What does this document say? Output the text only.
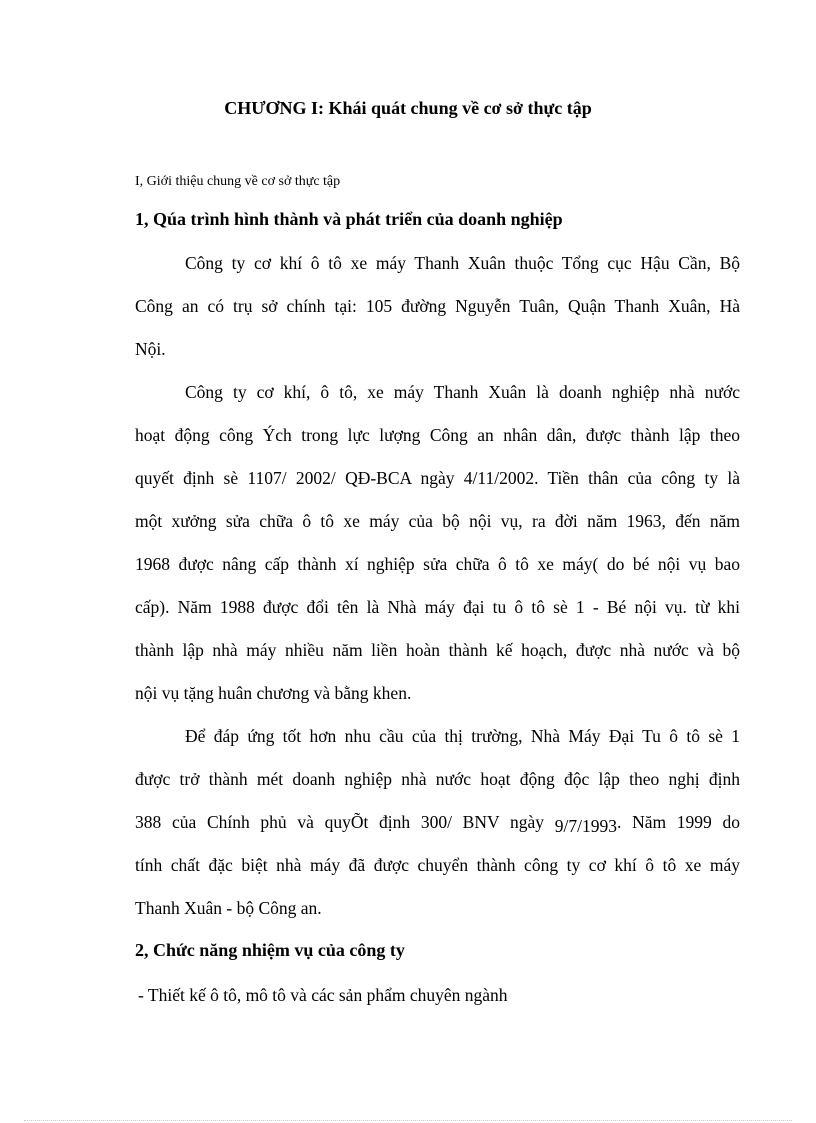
CHƯƠNG I: Khái quát chung về cơ sở thực tập

I, Giới thiệu chung về cơ sở thực tập

1, Qúa trình hình thành và phát triển của doanh nghiệp

Công ty cơ khí ô tô xe máy Thanh Xuân thuộc Tổng cục Hậu Cần, Bộ

Công an có trụ sở chính tại: 105 đường Nguyễn Tuân, Quận Thanh Xuân, Hà

Nội.

Công ty cơ khí, ô tô, xe máy Thanh Xuân là doanh nghiệp nhà nước

hoạt động công Ých trong lực lượng Công an nhân dân, được thành lập theo

quyết định sè 1107/ 2002/ QĐ-BCA ngày 4/11/2002. Tiền thân của công ty là

một xưởng sửa chữa ô tô xe máy của bộ nội vụ, ra đời năm 1963, đến năm

1968 được nâng cấp thành xí nghiệp sửa chữa ô tô xe máy( do bé nội vụ bao

cấp). Năm 1988 được đổi tên là Nhà máy đại tu ô tô sè 1 - Bé nội vụ. từ khi

thành lập nhà máy nhiều năm liền hoàn thành kế hoạch, được nhà nước và bộ

nội vụ tặng huân chương và bằng khen.

Để đáp ứng tốt hơn nhu cầu của thị trường, Nhà Máy Đại Tu ô tô sè 1

được trở thành mét doanh nghiệp nhà nước hoạt động độc lập theo nghị định

388 của Chính phủ và quyÕt định 300/ BNV ngày 9/7/1993. Năm 1999 do

tính chất đặc biệt nhà máy đã được chuyển thành công ty cơ khí ô tô xe máy

Thanh Xuân - bộ Công an.

2, Chức năng nhiệm vụ của công ty

- Thiết kế ô tô, mô tô và các sản phẩm chuyên ngành
